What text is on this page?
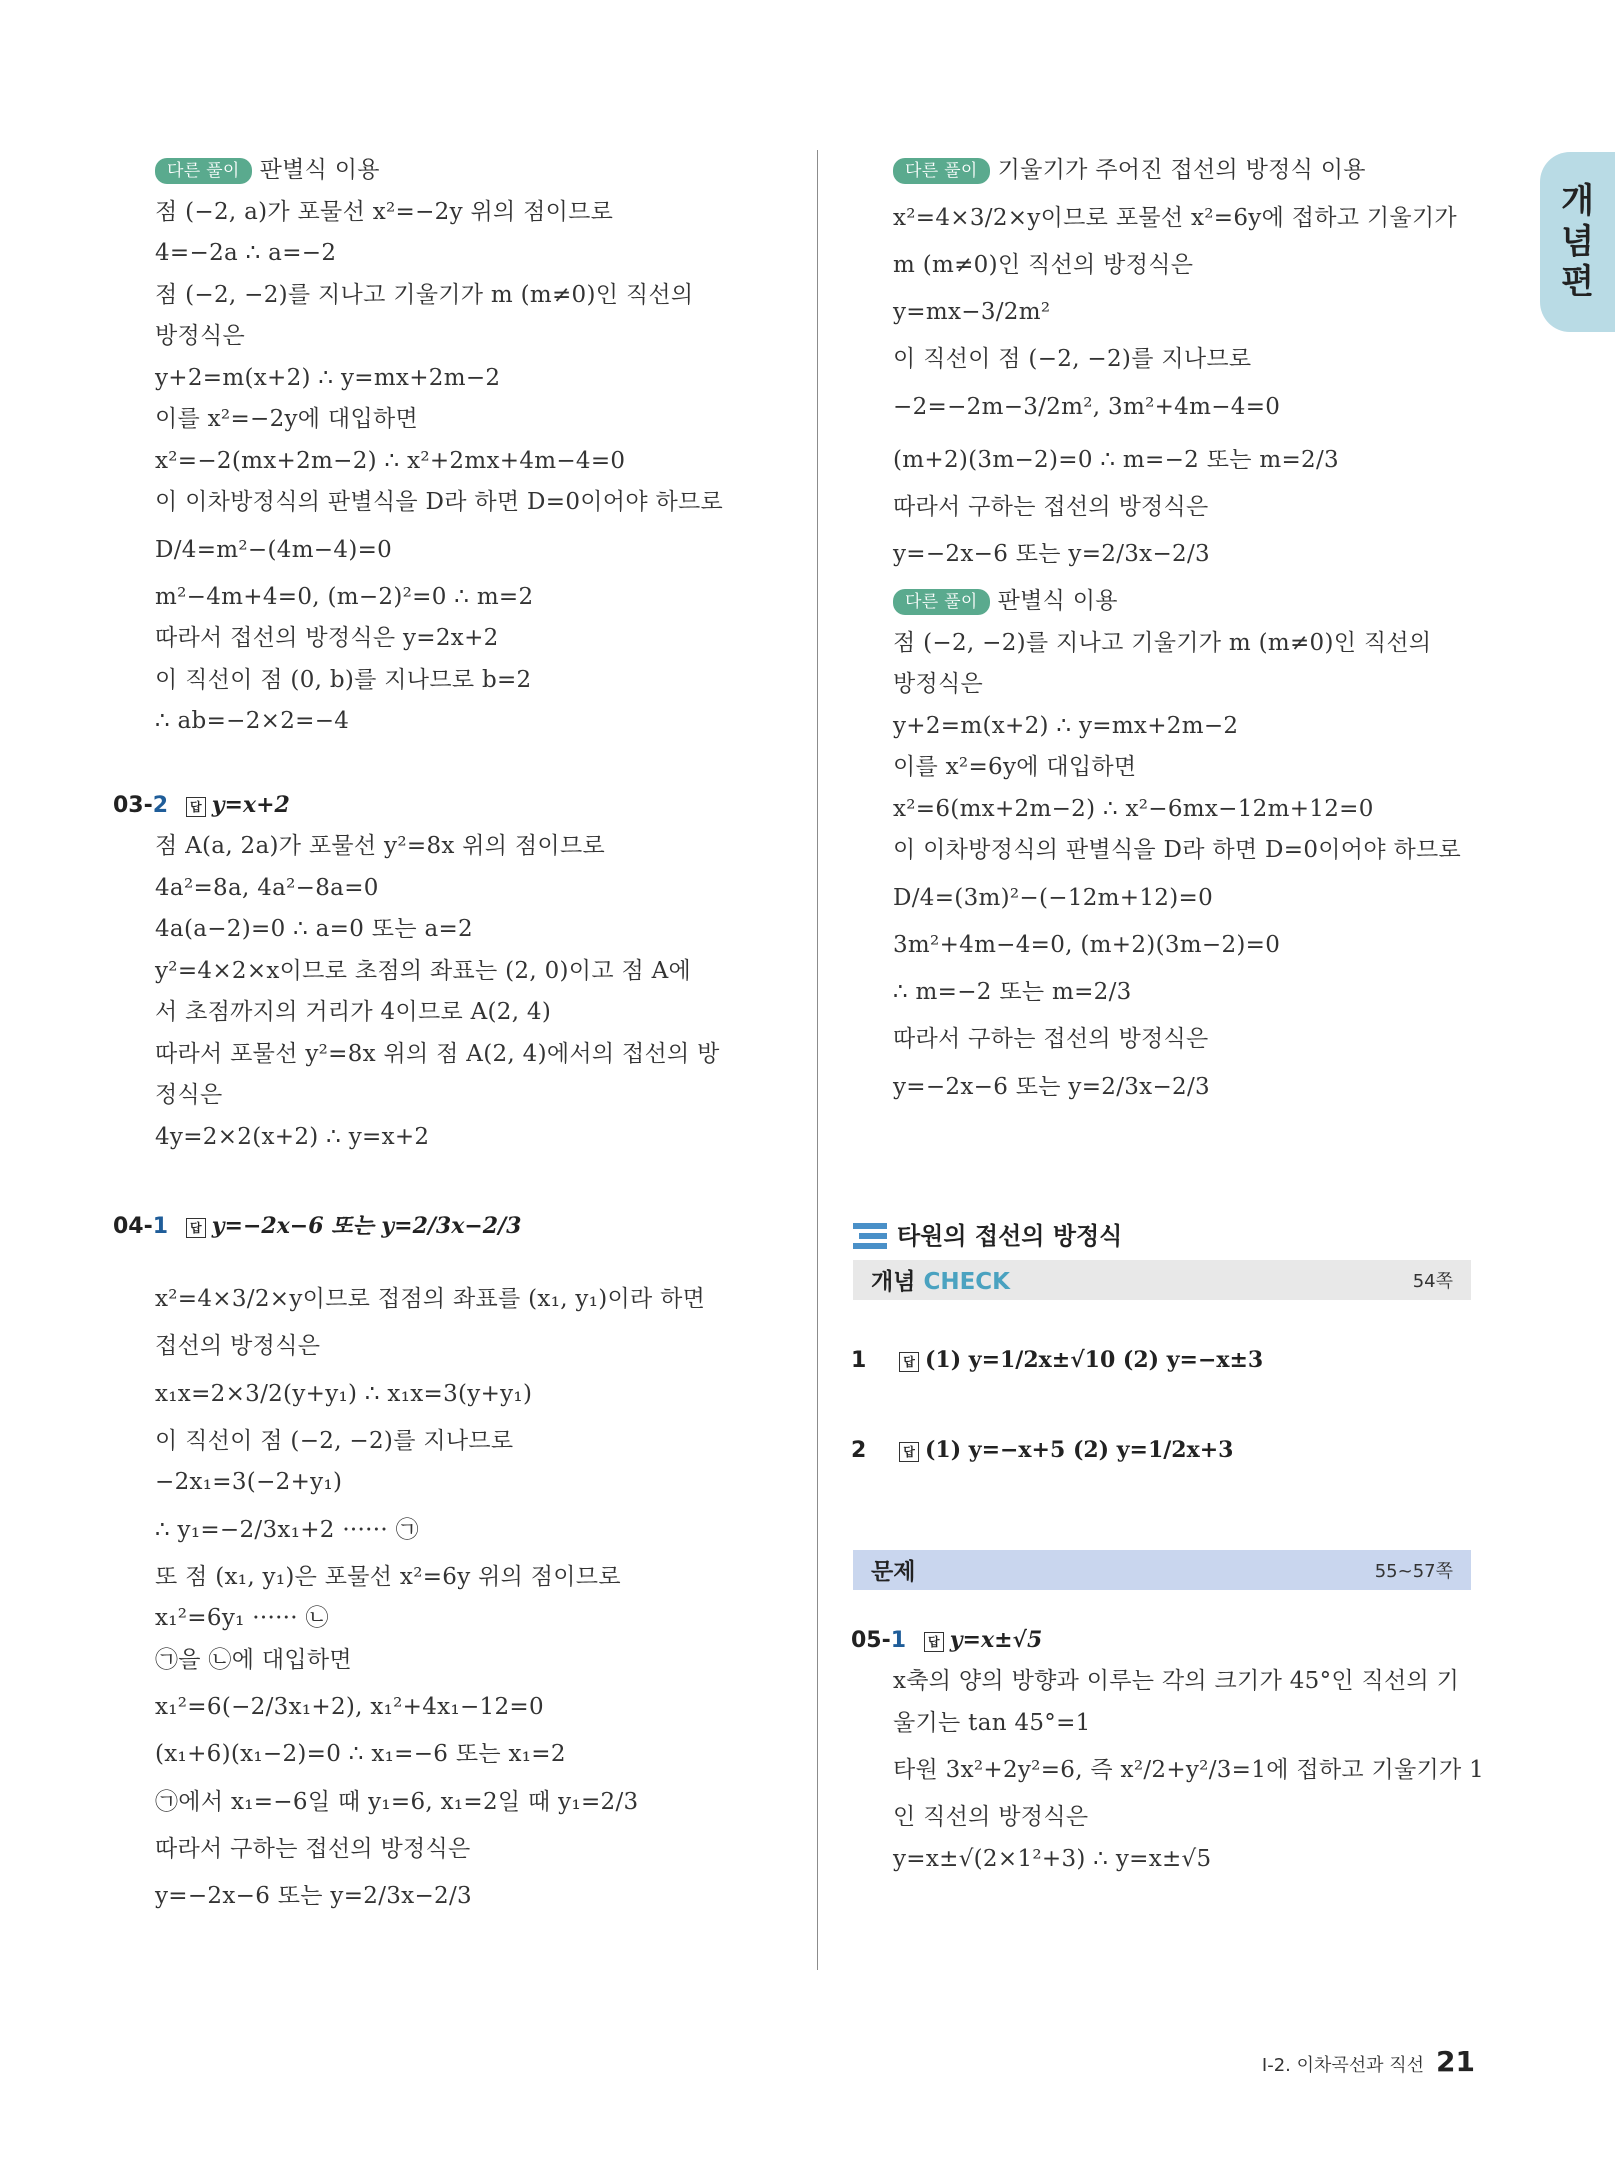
개
념
편
다른 풀이 판별식 이용
점 (−2, a)가 포물선 x²=−2y 위의 점이므로
4=−2a ∴ a=−2
점 (−2, −2)를 지나고 기울기가 m (m≠0)인 직선의
방정식은
y+2=m(x+2) ∴ y=mx+2m−2
이를 x²=−2y에 대입하면
x²=−2(mx+2m−2) ∴ x²+2mx+4m−4=0
이 이차방정식의 판별식을 D라 하면 D=0이어야 하므로
D/4=m²−(4m−4)=0
m²−4m+4=0, (m−2)²=0 ∴ m=2
따라서 접선의 방정식은 y=2x+2
이 직선이 점 (0, b)를 지나므로 b=2
∴ ab=−2×2=−4
03-2 답 y=x+2
점 A(a, 2a)가 포물선 y²=8x 위의 점이므로
4a²=8a, 4a²−8a=0
4a(a−2)=0 ∴ a=0 또는 a=2
y²=4×2×x이므로 초점의 좌표는 (2, 0)이고 점 A에
서 초점까지의 거리가 4이므로 A(2, 4)
따라서 포물선 y²=8x 위의 점 A(2, 4)에서의 접선의 방
정식은
4y=2×2(x+2) ∴ y=x+2
04-1 답 y=−2x−6 또는 y=2/3x−2/3
x²=4×3/2×y이므로 접점의 좌표를 (x₁, y₁)이라 하면
접선의 방정식은
x₁x=2×3/2(y+y₁) ∴ x₁x=3(y+y₁)
이 직선이 점 (−2, −2)를 지나므로
−2x₁=3(−2+y₁)
∴ y₁=−2/3x₁+2 ······ ㉠
또 점 (x₁, y₁)은 포물선 x²=6y 위의 점이므로
x₁²=6y₁ ······ ㉡
㉠을 ㉡에 대입하면
x₁²=6(−2/3x₁+2), x₁²+4x₁−12=0
(x₁+6)(x₁−2)=0 ∴ x₁=−6 또는 x₁=2
㉠에서 x₁=−6일 때 y₁=6, x₁=2일 때 y₁=2/3
따라서 구하는 접선의 방정식은
y=−2x−6 또는 y=2/3x−2/3
다른 풀이 기울기가 주어진 접선의 방정식 이용
x²=4×3/2×y이므로 포물선 x²=6y에 접하고 기울기가
m (m≠0)인 직선의 방정식은
y=mx−3/2m²
이 직선이 점 (−2, −2)를 지나므로
−2=−2m−3/2m², 3m²+4m−4=0
(m+2)(3m−2)=0 ∴ m=−2 또는 m=2/3
따라서 구하는 접선의 방정식은
y=−2x−6 또는 y=2/3x−2/3
다른 풀이 판별식 이용
점 (−2, −2)를 지나고 기울기가 m (m≠0)인 직선의
방정식은
y+2=m(x+2) ∴ y=mx+2m−2
이를 x²=6y에 대입하면
x²=6(mx+2m−2) ∴ x²−6mx−12m+12=0
이 이차방정식의 판별식을 D라 하면 D=0이어야 하므로
D/4=(3m)²−(−12m+12)=0
3m²+4m−4=0, (m+2)(3m−2)=0
∴ m=−2 또는 m=2/3
따라서 구하는 접선의 방정식은
y=−2x−6 또는 y=2/3x−2/3
타원의 접선의 방정식
개념 CHECK	54쪽
1	답 (1) y=1/2x±√10 (2) y=−x±3
2	답 (1) y=−x+5 (2) y=1/2x+3
문제	55~57쪽
05-1 답 y=x±√5
x축의 양의 방향과 이루는 각의 크기가 45°인 직선의 기
울기는 tan 45°=1
타원 3x²+2y²=6, 즉 x²/2+y²/3=1에 접하고 기울기가 1
인 직선의 방정식은
y=x±√(2×1²+3) ∴ y=x±√5
Ⅰ-2. 이차곡선과 직선 21
